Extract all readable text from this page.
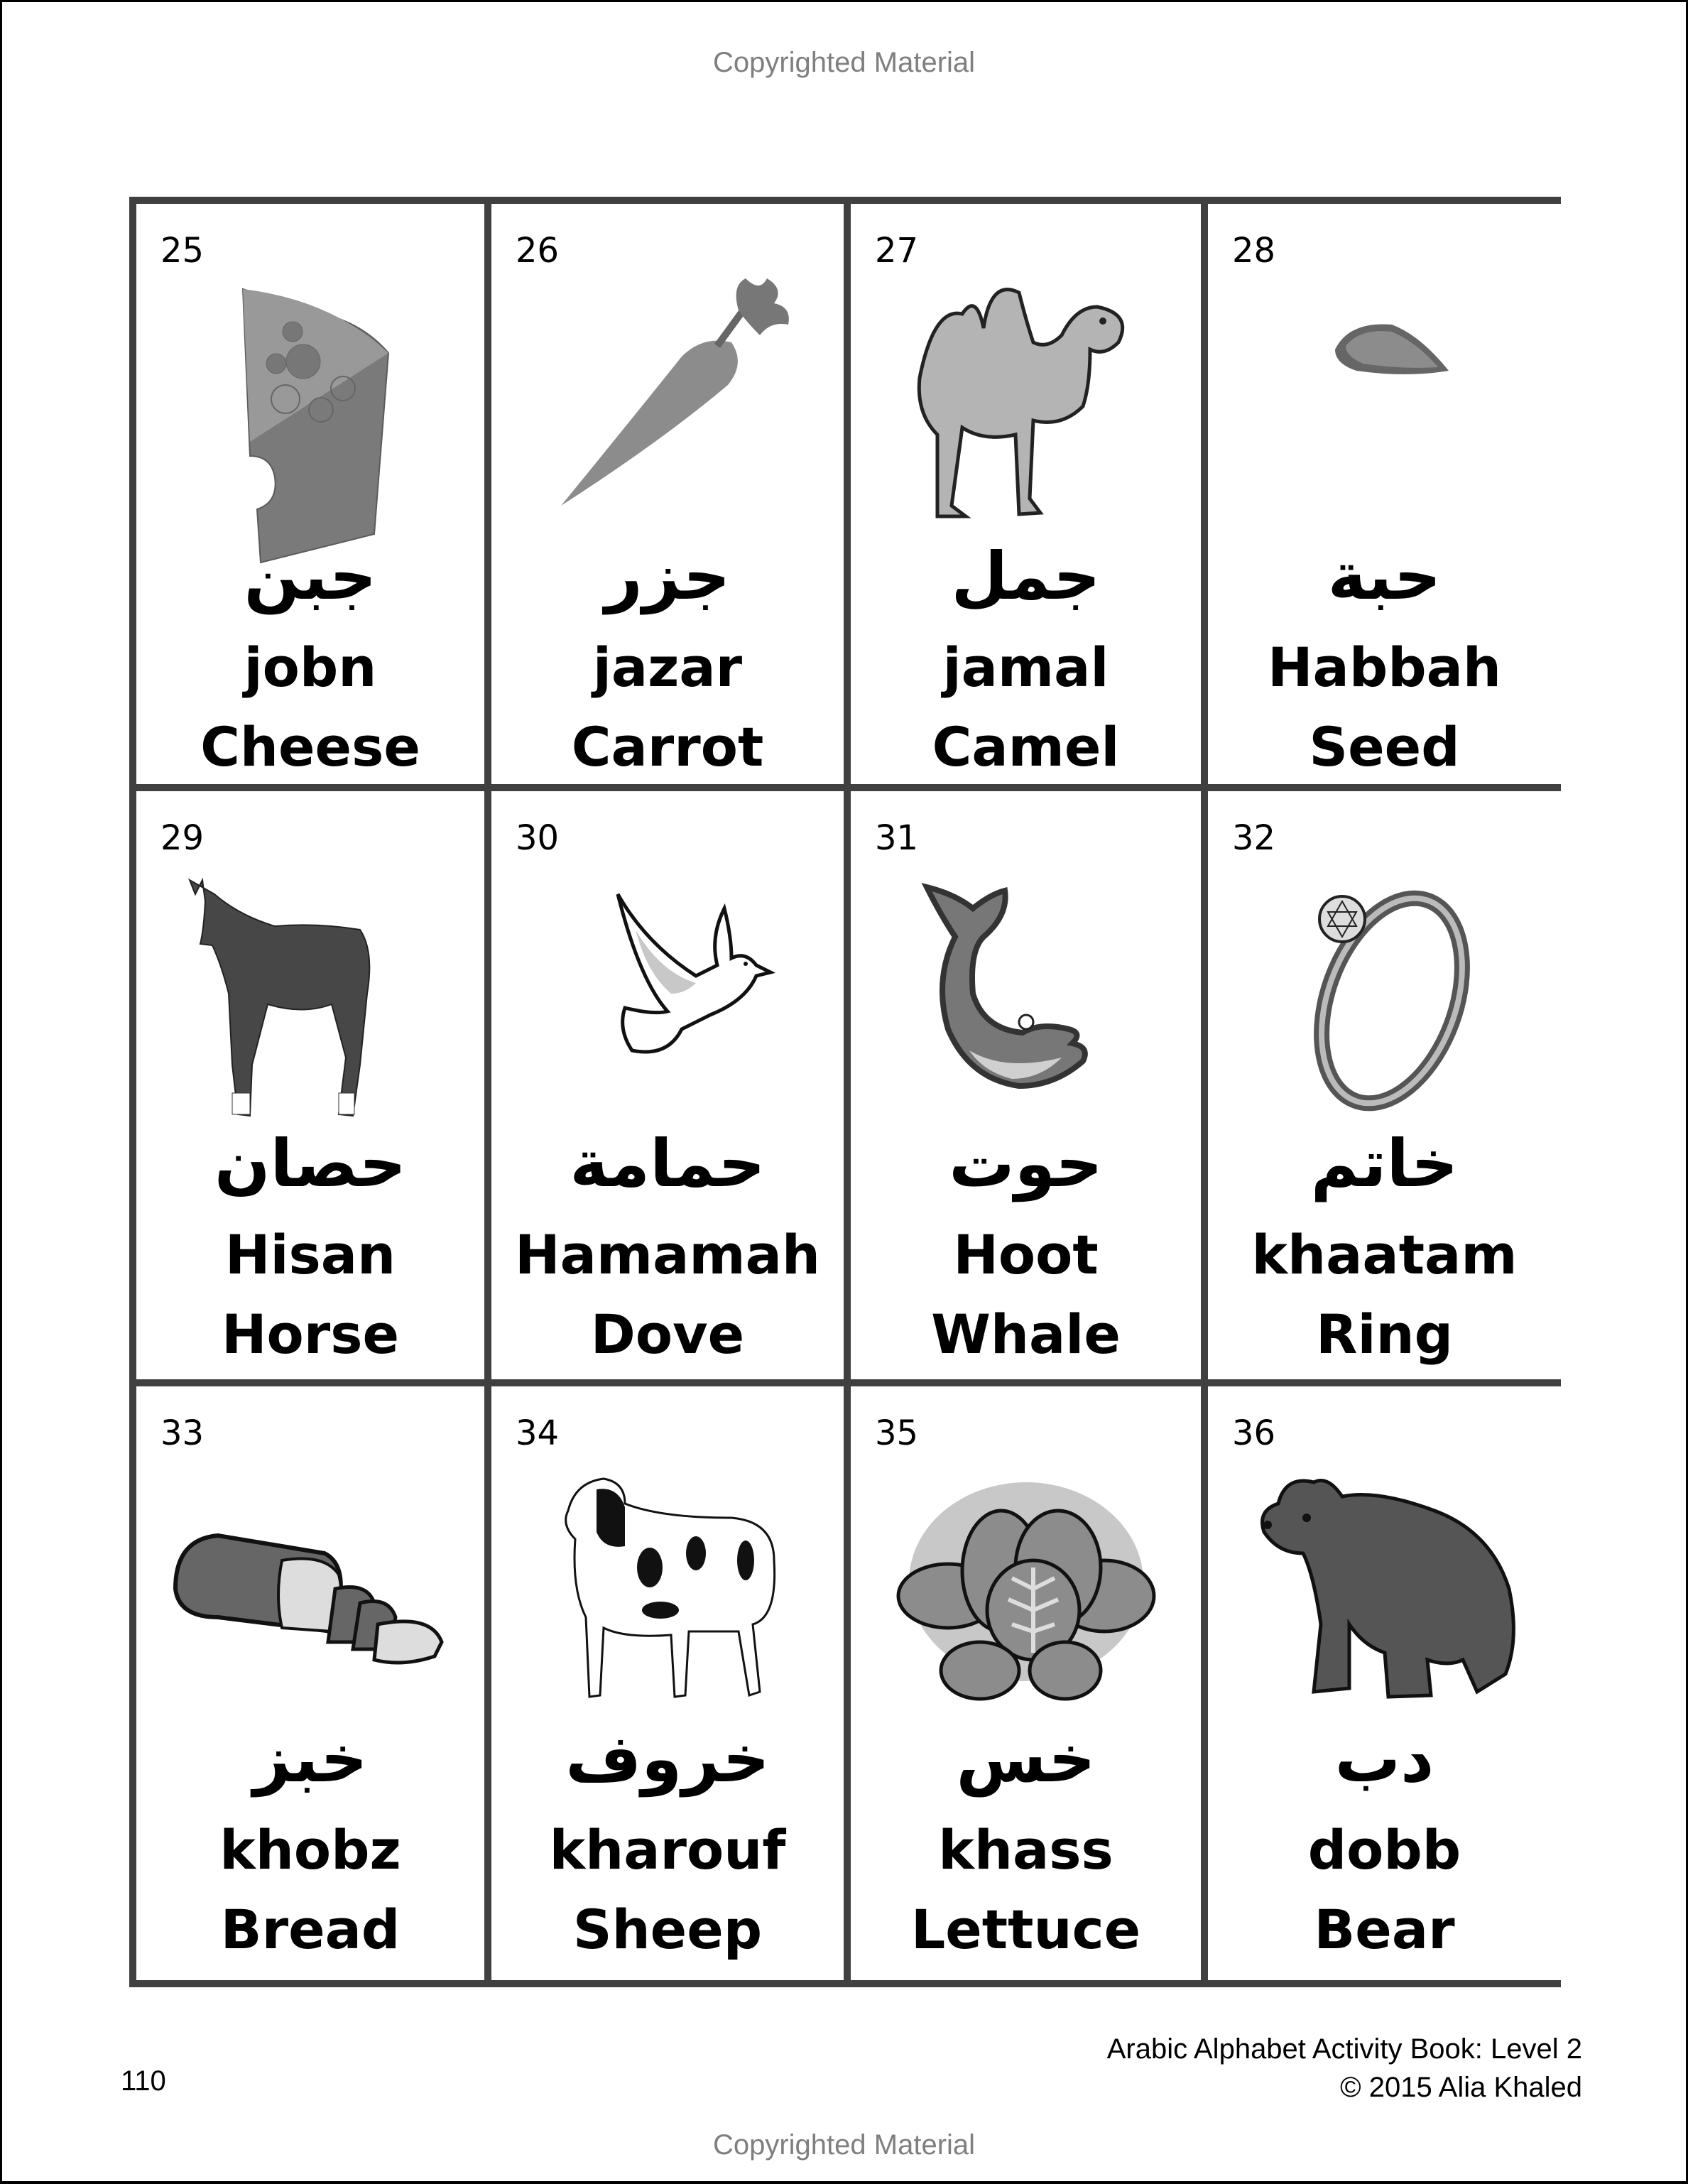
Copyrighted Material
25
جبن
jobn
Cheese
26
جزر
jazar
Carrot
27
جمل
jamal
Camel
28
حبة
Habbah
Seed
29
حصان
Hisan
Horse
30
حمامة
Hamamah
Dove
31
حوت
Hoot
Whale
32
خاتم
khaatam
Ring
33
خبز
khobz
Bread
34
خروف
kharouf
Sheep
35
خس
khass
Lettuce
36
دب
dobb
Bear
Arabic Alphabet Activity Book: Level 2
© 2015 Alia Khaled
110
Copyrighted Material
